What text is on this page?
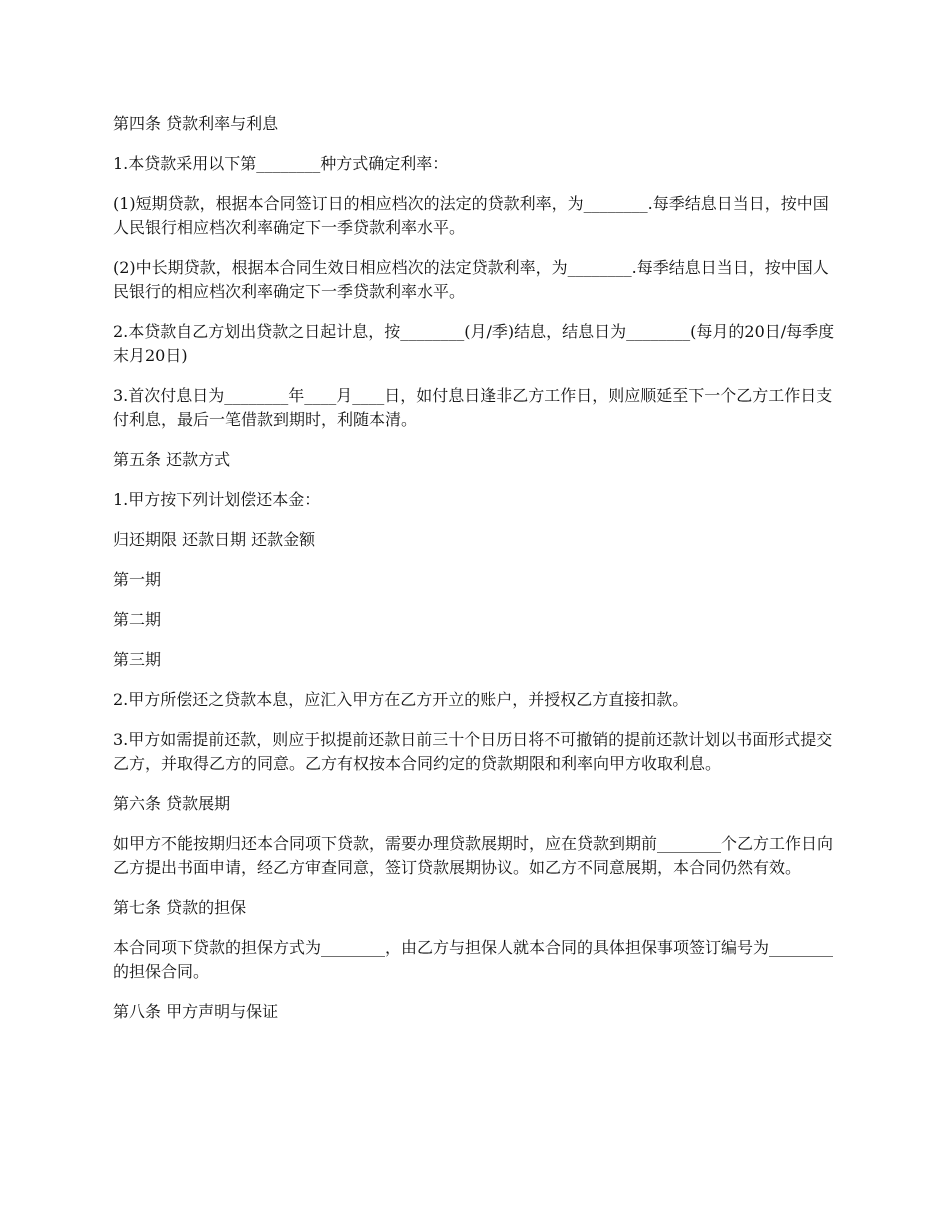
第四条 贷款利率与利息

1.本贷款采用以下第________种方式确定利率：

(1)短期贷款，根据本合同签订日的相应档次的法定的贷款利率，为________.每季结息日当日，按中国人民银行相应档次利率确定下一季贷款利率水平。

(2)中长期贷款，根据本合同生效日相应档次的法定贷款利率，为________.每季结息日当日，按中国人民银行的相应档次利率确定下一季贷款利率水平。

2.本贷款自乙方划出贷款之日起计息，按________(月/季)结息，结息日为________(每月的20日/每季度末月20日)

3.首次付息日为________年____月____日，如付息日逢非乙方工作日，则应顺延至下一个乙方工作日支付利息，最后一笔借款到期时，利随本清。

第五条 还款方式

1.甲方按下列计划偿还本金：

归还期限 还款日期 还款金额

第一期

第二期

第三期

2.甲方所偿还之贷款本息，应汇入甲方在乙方开立的账户，并授权乙方直接扣款。

3.甲方如需提前还款，则应于拟提前还款日前三十个日历日将不可撤销的提前还款计划以书面形式提交乙方，并取得乙方的同意。乙方有权按本合同约定的贷款期限和利率向甲方收取利息。

第六条 贷款展期

如甲方不能按期归还本合同项下贷款，需要办理贷款展期时，应在贷款到期前________个乙方工作日向乙方提出书面申请，经乙方审查同意，签订贷款展期协议。如乙方不同意展期，本合同仍然有效。

第七条 贷款的担保

本合同项下贷款的担保方式为________，由乙方与担保人就本合同的具体担保事项签订编号为________的担保合同。

第八条 甲方声明与保证
